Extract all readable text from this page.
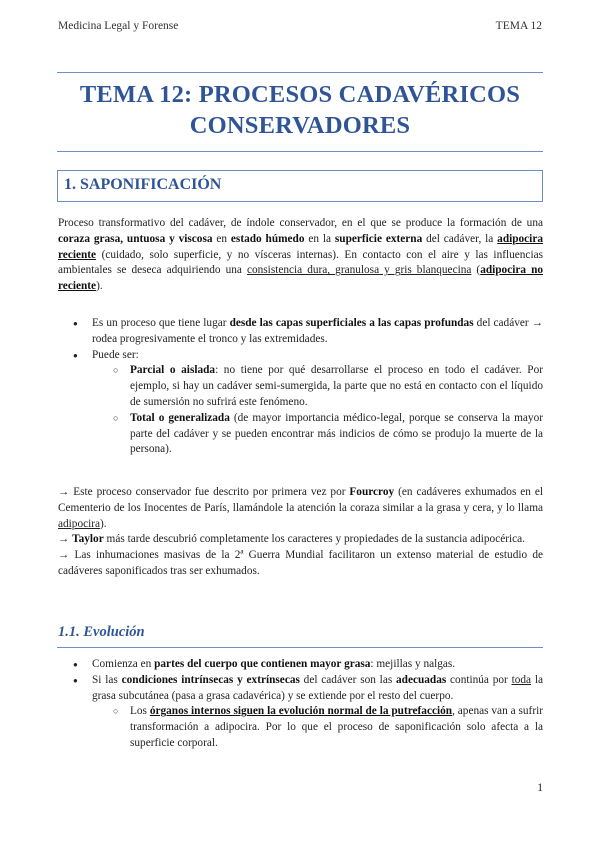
Medicina Legal y Forense	TEMA 12
TEMA 12: PROCESOS CADAVÉRICOS
CONSERVADORES
1. SAPONIFICACIÓN

Proceso transformativo del cadáver, de índole conservador, en el que se produce la formación de una coraza grasa, untuosa y viscosa en estado húmedo en la superficie externa del cadáver, la adipocira reciente (cuidado, solo superficie, y no vísceras internas). En contacto con el aire y las influencias ambientales se deseca adquiriendo una consistencia dura, granulosa y gris blanquecina (adipocira no reciente).

● Es un proceso que tiene lugar desde las capas superficiales a las capas profundas del cadáver → rodea progresivamente el tronco y las extremidades.
● Puede ser:
○ Parcial o aislada: no tiene por qué desarrollarse el proceso en todo el cadáver. Por ejemplo, si hay un cadáver semi-sumergida, la parte que no está en contacto con el líquido de sumersión no sufrirá este fenómeno.
○ Total o generalizada (de mayor importancia médico-legal, porque se conserva la mayor parte del cadáver y se pueden encontrar más indicios de cómo se produjo la muerte de la persona).

→ Este proceso conservador fue descrito por primera vez por Fourcroy (en cadáveres exhumados en el Cementerio de los Inocentes de París, llamándole la atención la coraza similar a la grasa y cera, y lo llama adipocira).

→ Taylor más tarde descubrió completamente los caracteres y propiedades de la sustancia adipocérica.

→ Las inhumaciones masivas de la 2ª Guerra Mundial facilitaron un extenso material de estudio de cadáveres saponificados tras ser exhumados.

1.1. Evolución
● Comienza en partes del cuerpo que contienen mayor grasa: mejillas y nalgas.
● Si las condiciones intrínsecas y extrínsecas del cadáver son las adecuadas continúa por toda la grasa subcutánea (pasa a grasa cadavérica) y se extiende por el resto del cuerpo.
○ Los órganos internos siguen la evolución normal de la putrefacción, apenas van a sufrir transformación a adipocira. Por lo que el proceso de saponificación solo afecta a la superficie corporal.
1
